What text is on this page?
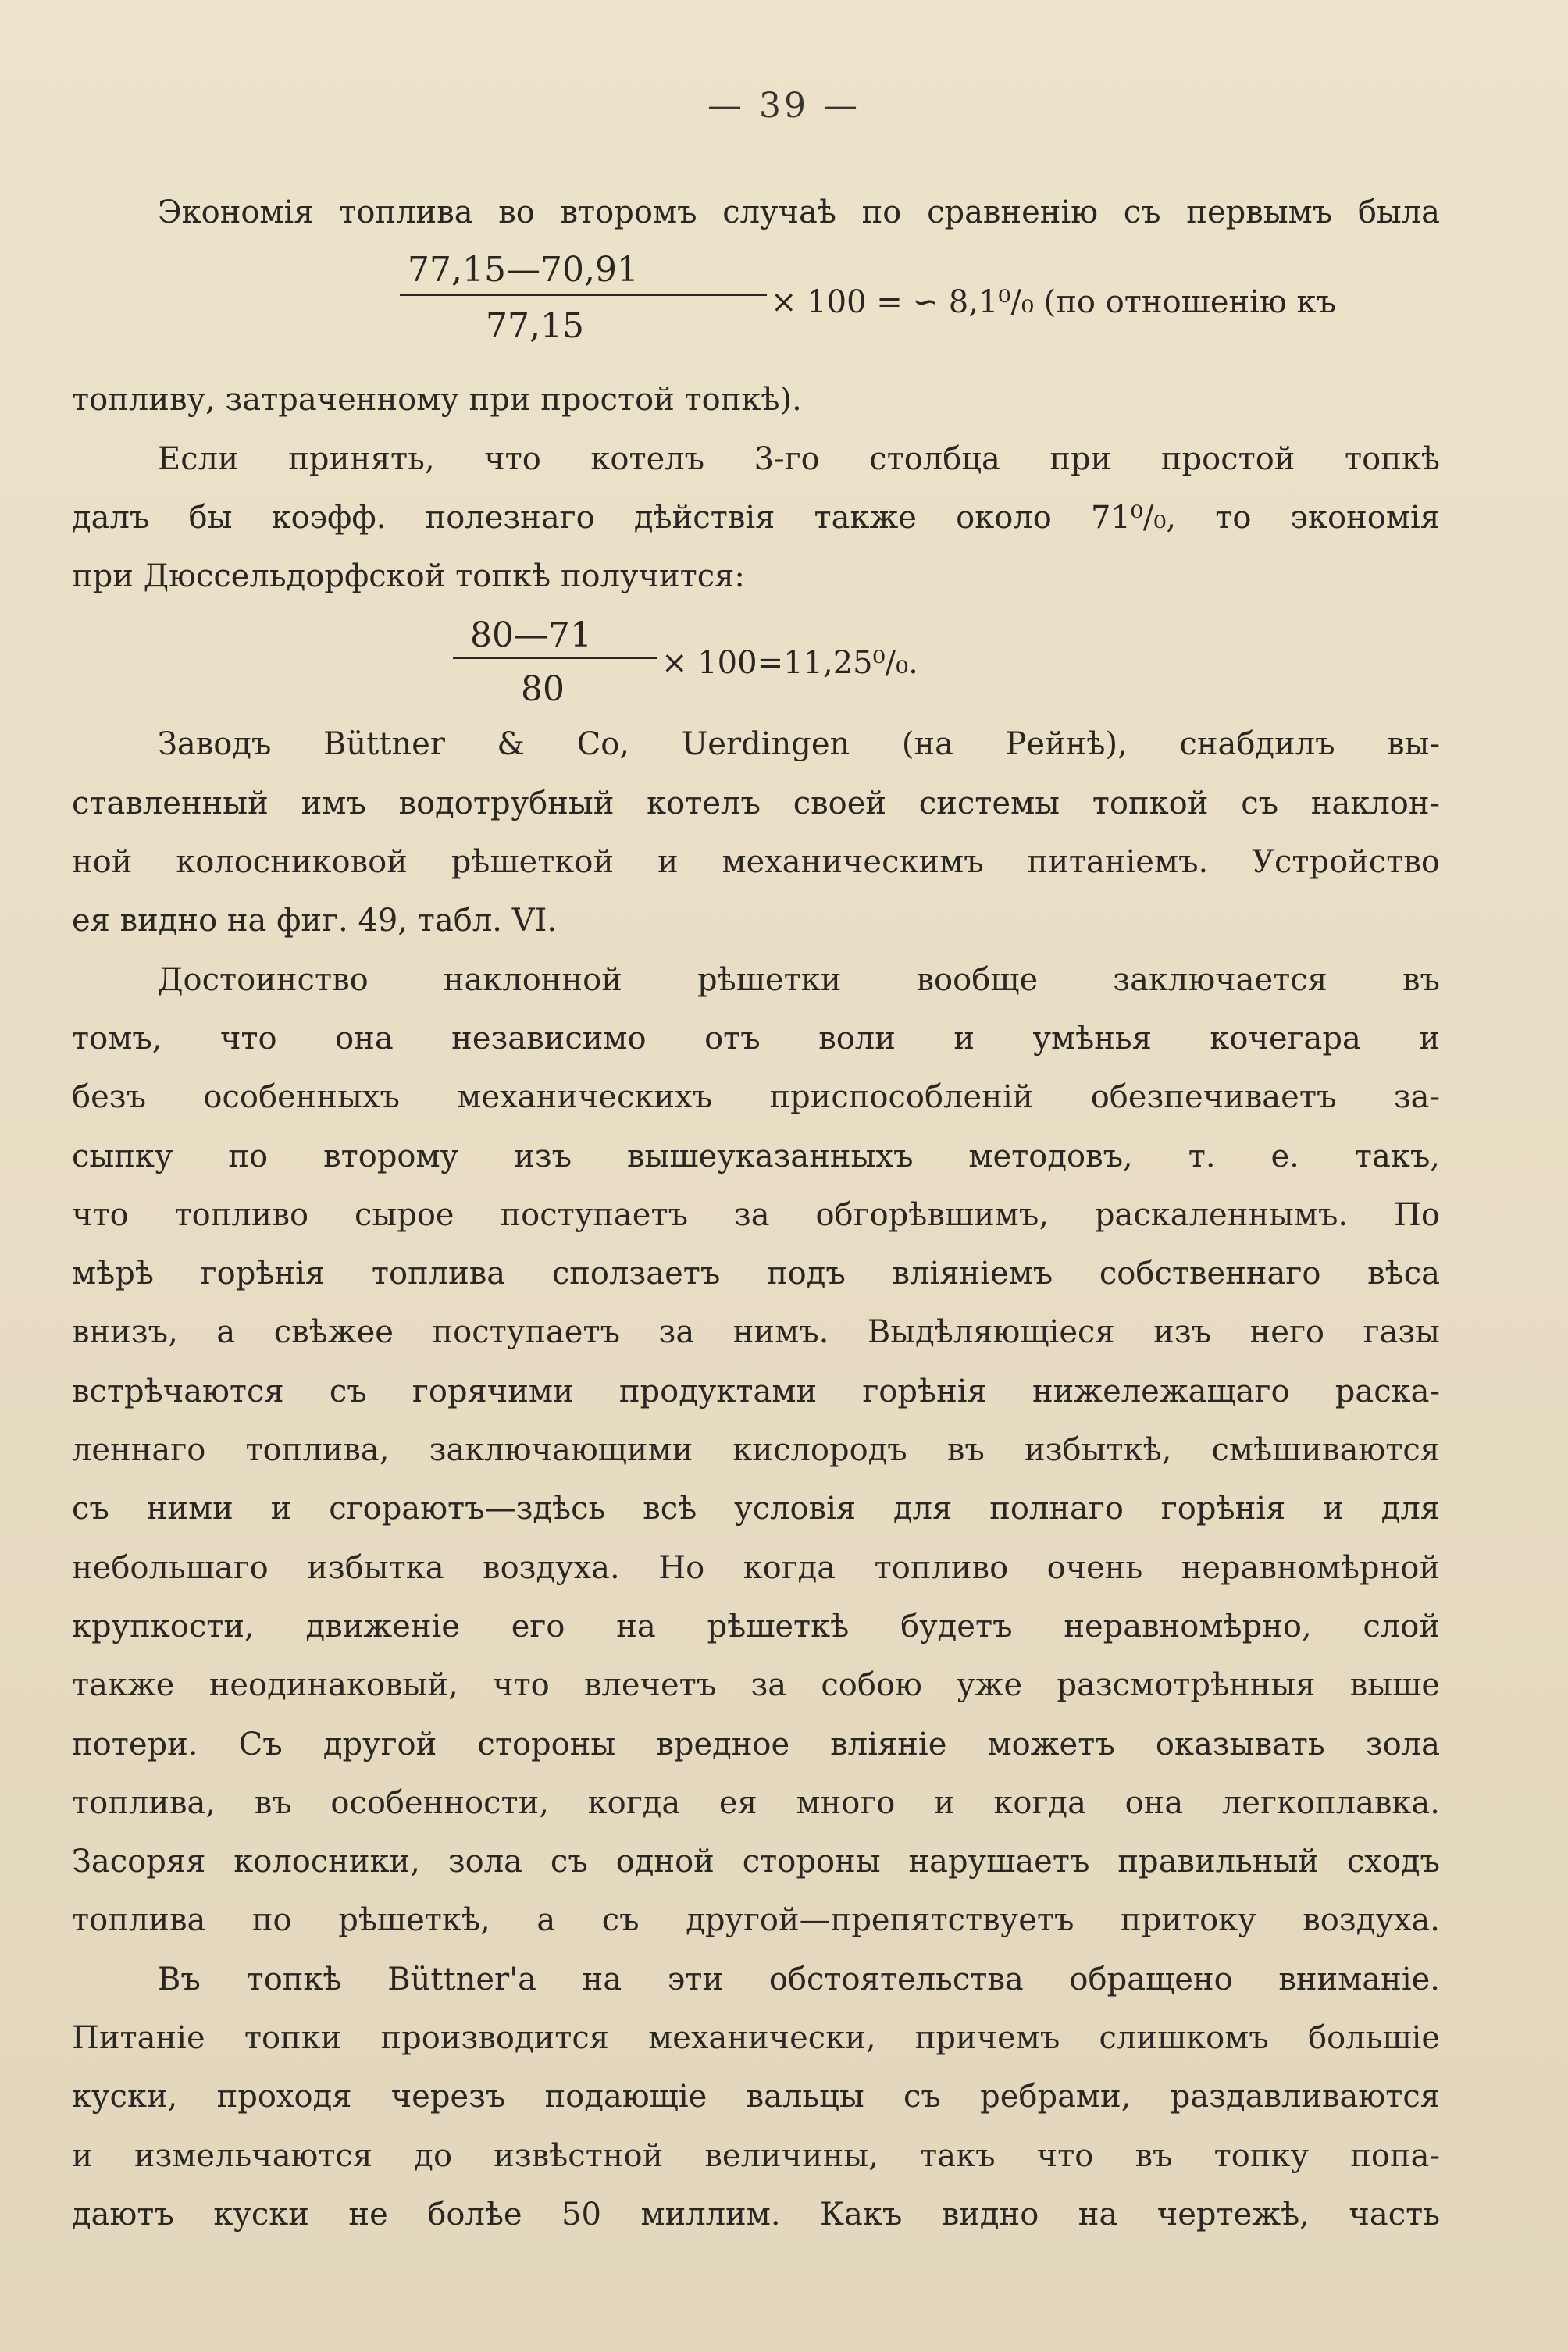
— 39 —
Экономія топлива во второмъ случаѣ по сравненію съ первымъ была
77,15—70,91
77,15
× 100 = ∽ 8,1⁰/₀ (по отношенію къ
топливу, затраченному при простой топкѣ).
Если принять, что котелъ 3-го столбца при простой топкѣ
далъ бы коэфф. полезнаго дѣйствія также около 71⁰/₀, то экономія
при Дюссельдорфской топкѣ получится:
80—71
80
× 100=11,25⁰/₀.
Заводъ Büttner & Co, Uerdingen (на Рейнѣ), снабдилъ вы-
ставленный имъ водотрубный котелъ своей системы топкой съ наклон-
ной колосниковой рѣшеткой и механическимъ питаніемъ. Устройство
ея видно на фиг. 49, табл. VI.
Достоинство наклонной рѣшетки вообще заключается въ
томъ, что она независимо отъ воли и умѣнья кочегара и
безъ особенныхъ механическихъ приспособленій обезпечиваетъ за-
сыпку по второму изъ вышеуказанныхъ методовъ, т. е. такъ,
что топливо сырое поступаетъ за обгорѣвшимъ, раскаленнымъ. По
мѣрѣ горѣнія топлива сползаетъ подъ вліяніемъ собственнаго вѣса
внизъ, а свѣжее поступаетъ за нимъ. Выдѣляющіеся изъ него газы
встрѣчаются съ горячими продуктами горѣнія нижележащаго раска-
леннаго топлива, заключающими кислородъ въ избыткѣ, смѣшиваются
съ ними и сгораютъ—здѣсь всѣ условія для полнаго горѣнія и для
небольшаго избытка воздуха. Но когда топливо очень неравномѣрной
крупкости, движеніе его на рѣшеткѣ будетъ неравномѣрно, слой
также неодинаковый, что влечетъ за собою уже разсмотрѣнныя выше
потери. Съ другой стороны вредное вліяніе можетъ оказывать зола
топлива, въ особенности, когда ея много и когда она легкоплавка.
Засоряя колосники, зола съ одной стороны нарушаетъ правильный сходъ
топлива по рѣшеткѣ, а съ другой—препятствуетъ притоку воздуха.
Въ топкѣ Büttner'а на эти обстоятельства обращено вниманіе.
Питаніе топки производится механически, причемъ слишкомъ большіе
куски, проходя черезъ подающіе вальцы съ ребрами, раздавливаются
и измельчаются до извѣстной величины, такъ что въ топку попа-
даютъ куски не болѣе 50 миллим. Какъ видно на чертежѣ, часть
